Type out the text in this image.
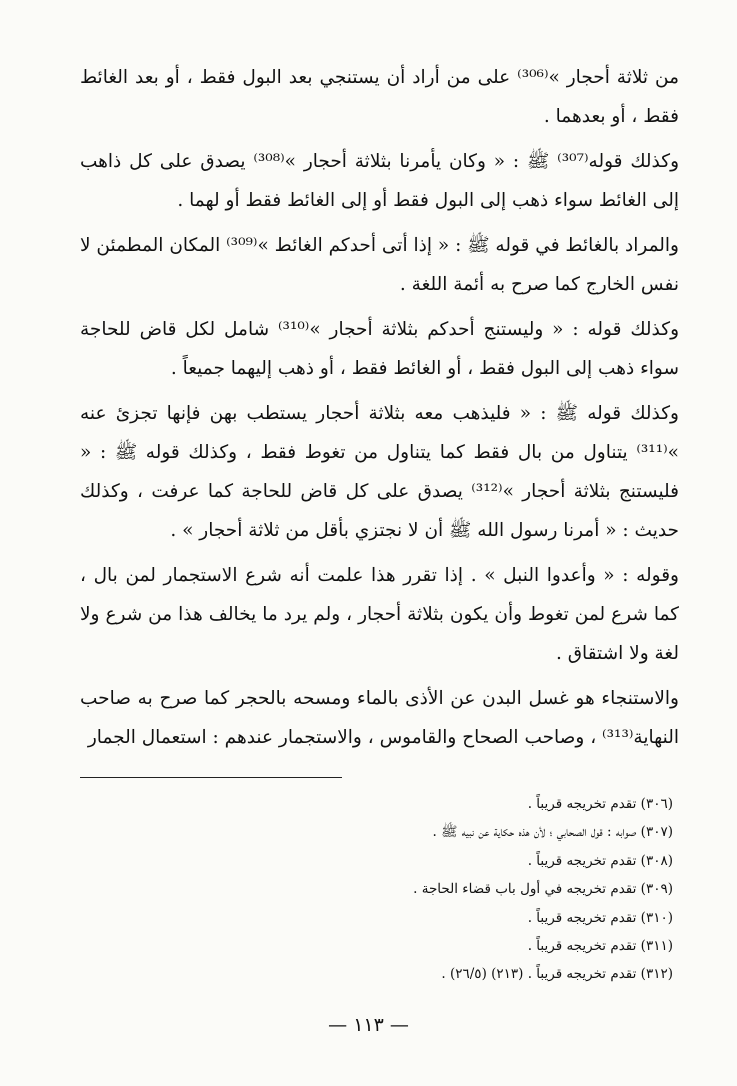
من ثلاثة أحجار »⁽³⁰⁶⁾ على من أراد أن يستنجي بعد البول فقط ، أو بعد الغائط فقط ، أو بعدهما .

وكذلك قوله⁽³⁰⁷⁾ ﷺ : « وكان يأمرنا بثلاثة أحجار »⁽³⁰⁸⁾ يصدق على كل ذاهب إلى الغائط سواء ذهب إلى البول فقط أو إلى الغائط فقط أو لهما .

والمراد بالغائط في قوله ﷺ : « إذا أتى أحدكم الغائط »⁽³⁰⁹⁾ المكان المطمئن لا نفس الخارج كما صرح به أئمة اللغة .

وكذلك قوله : « وليستنج أحدكم بثلاثة أحجار »⁽³¹⁰⁾ شامل لكل قاض للحاجة سواء ذهب إلى البول فقط ، أو الغائط فقط ، أو ذهب إليهما جميعاً .

وكذلك قوله ﷺ : « فليذهب معه بثلاثة أحجار يستطب بهن فإنها تجزئ عنه »⁽³¹¹⁾ يتناول من بال فقط كما يتناول من تغوط فقط ، وكذلك قوله ﷺ : « فليستنج بثلاثة أحجار »⁽³¹²⁾ يصدق على كل قاض للحاجة كما عرفت ، وكذلك حديث : « أمرنا رسول الله ﷺ أن لا نجتزي بأقل من ثلاثة أحجار » .

وقوله : « وأعدوا النبل » . إذا تقرر هذا علمت أنه شرع الاستجمار لمن بال ، كما شرع لمن تغوط وأن يكون بثلاثة أحجار ، ولم يرد ما يخالف هذا من شرع ولا لغة ولا اشتقاق .

والاستنجاء هو غسل البدن عن الأذى بالماء ومسحه بالحجر كما صرح به صاحب النهاية⁽³¹³⁾ ، وصاحب الصحاح والقاموس ، والاستجمار عندهم : استعمال الجمار

(٣٠٦) تقدم تخريجه قريباً .
(٣٠٧) صوابه : قول الصحابي ؛ لأن هذه حكاية عن نبيه ﷺ .
(٣٠٨) تقدم تخريجه قريباً .
(٣٠٩) تقدم تخريجه في أول باب قضاء الحاجة .
(٣١٠) تقدم تخريجه قريباً .
(٣١١) تقدم تخريجه قريباً .
(٣١٢) تقدم تخريجه قريباً . (٢١٣) (٢٦/٥) .
— ١١٣ —
